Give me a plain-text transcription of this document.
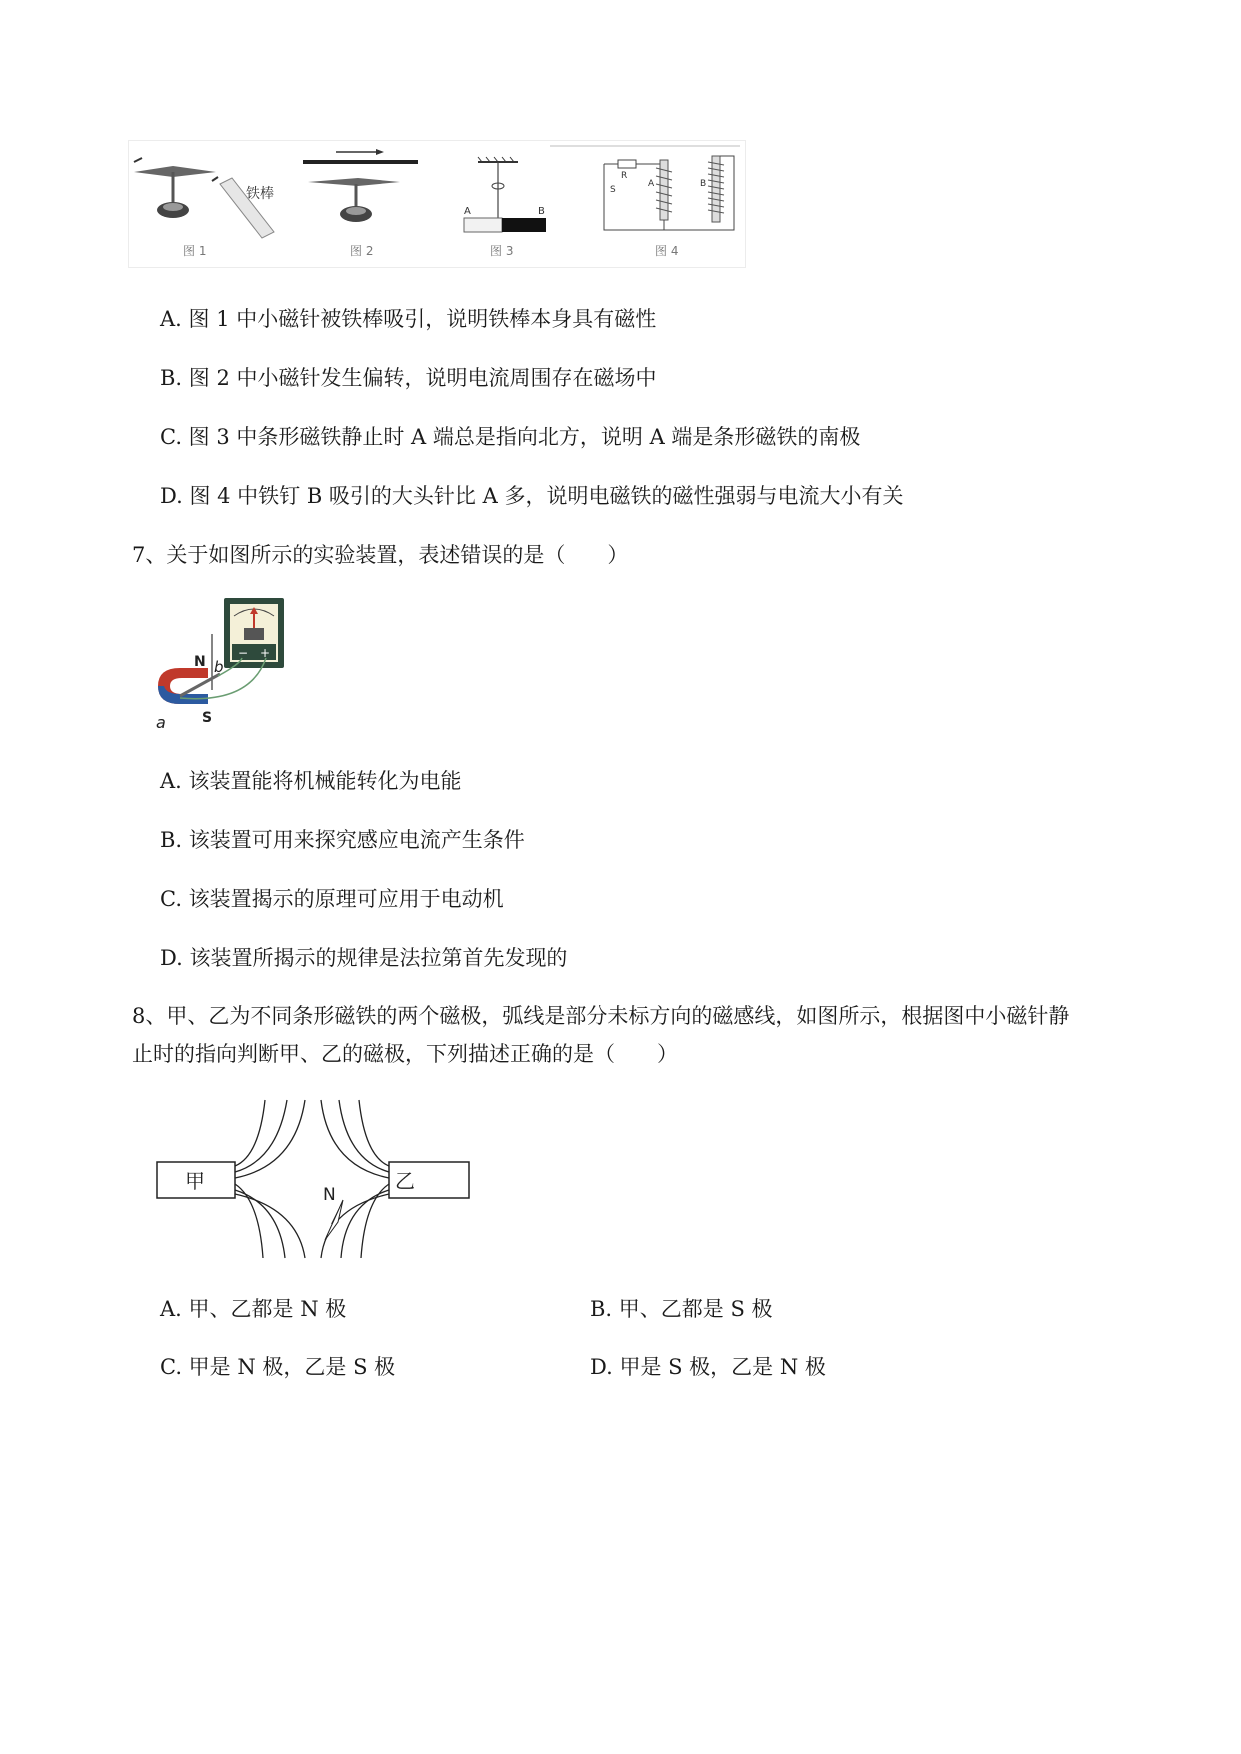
铁棒
图 1	图 2
A	B
图 3
R
S
A	B
图 4
A. 图 1 中小磁针被铁棒吸引，说明铁棒本身具有磁性
B. 图 2 中小磁针发生偏转，说明电流周围存在磁场中
C. 图 3 中条形磁铁静止时 A 端总是指向北方，说明 A 端是条形磁铁的南极
D. 图 4 中铁钉 B 吸引的大头针比 A 多，说明电磁铁的磁性强弱与电流大小有关
7、关于如图所示的实验装置，表述错误的是（　　）
− +
N b
a	S
A. 该装置能将机械能转化为电能
B. 该装置可用来探究感应电流产生条件
C. 该装置揭示的原理可应用于电动机
D. 该装置所揭示的规律是法拉第首先发现的
8、甲、乙为不同条形磁铁的两个磁极，弧线是部分未标方向的磁感线，如图所示，根据图中小磁针静
止时的指向判断甲、乙的磁极，下列描述正确的是（　　）
甲	乙
N
A. 甲、乙都是 N 极	B. 甲、乙都是 S 极
C. 甲是 N 极，乙是 S 极	D. 甲是 S 极，乙是 N 极
